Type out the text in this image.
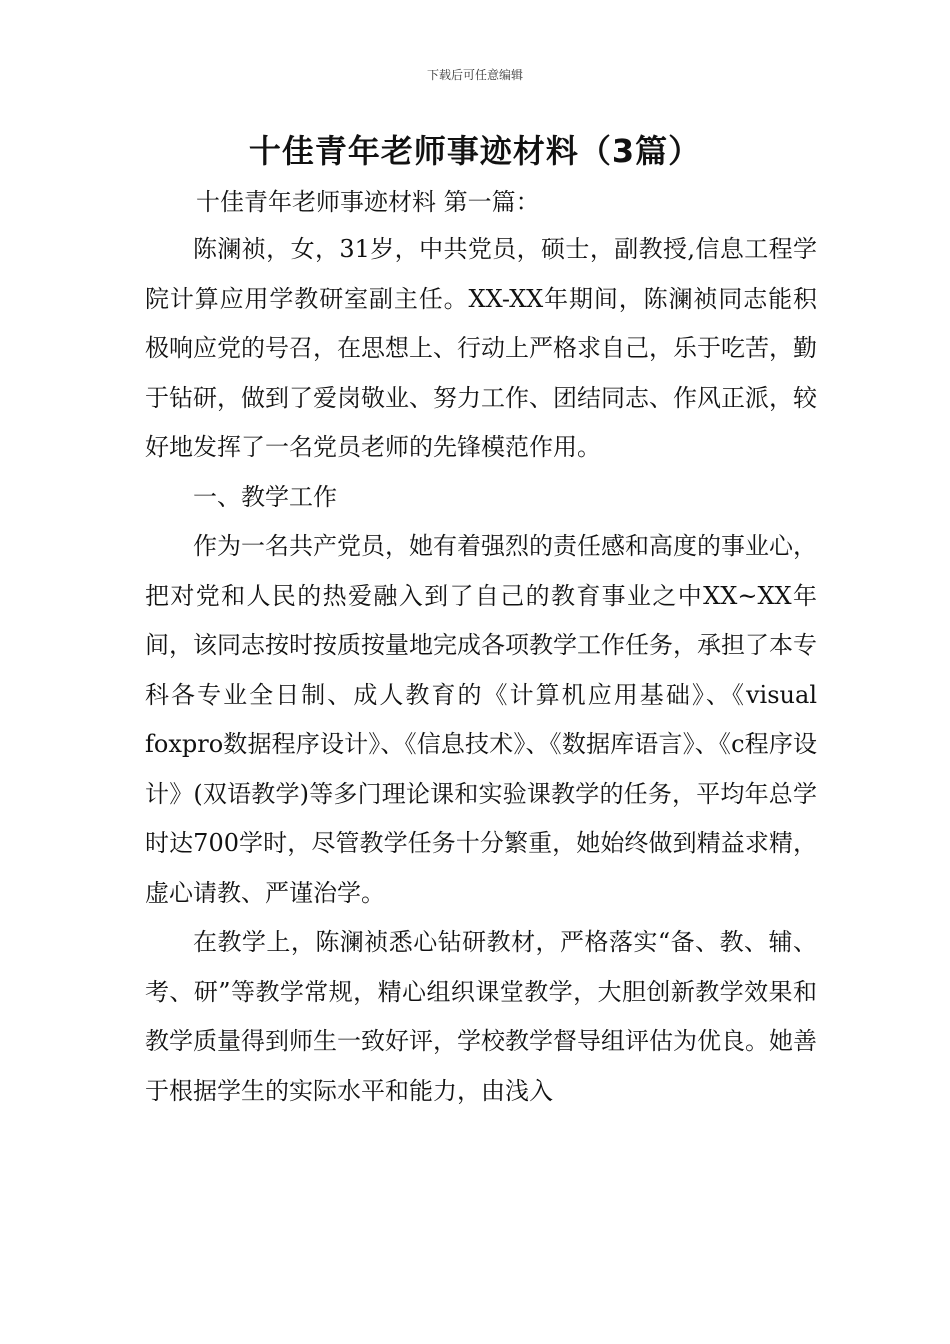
下载后可任意编辑

十佳青年老师事迹材料（3篇）

十佳青年老师事迹材料 第一篇：

陈澜祯，女，31岁，中共党员，硕士，副教授,信息工程学院计算应用学教研室副主任。XX-XX年期间，陈澜祯同志能积极响应党的号召，在思想上、行动上严格求自己，乐于吃苦，勤于钻研，做到了爱岗敬业、努力工作、团结同志、作风正派，较好地发挥了一名党员老师的先锋模范作用。

一、教学工作

作为一名共产党员，她有着强烈的责任感和高度的事业心，把对党和人民的热爱融入到了自己的教育事业之中XX~XX年间，该同志按时按质按量地完成各项教学工作任务，承担了本专科各专业全日制、成人教育的《计算机应用基础》、《visual foxpro数据程序设计》、《信息技术》、《数据库语言》、《c程序设计》(双语教学)等多门理论课和实验课教学的任务，平均年总学时达700学时，尽管教学任务十分繁重，她始终做到精益求精，虚心请教、严谨治学。

在教学上，陈澜祯悉心钻研教材，严格落实“备、教、辅、考、研”等教学常规，精心组织课堂教学，大胆创新教学效果和教学质量得到师生一致好评，学校教学督导组评估为优良。她善于根据学生的实际水平和能力，由浅入
